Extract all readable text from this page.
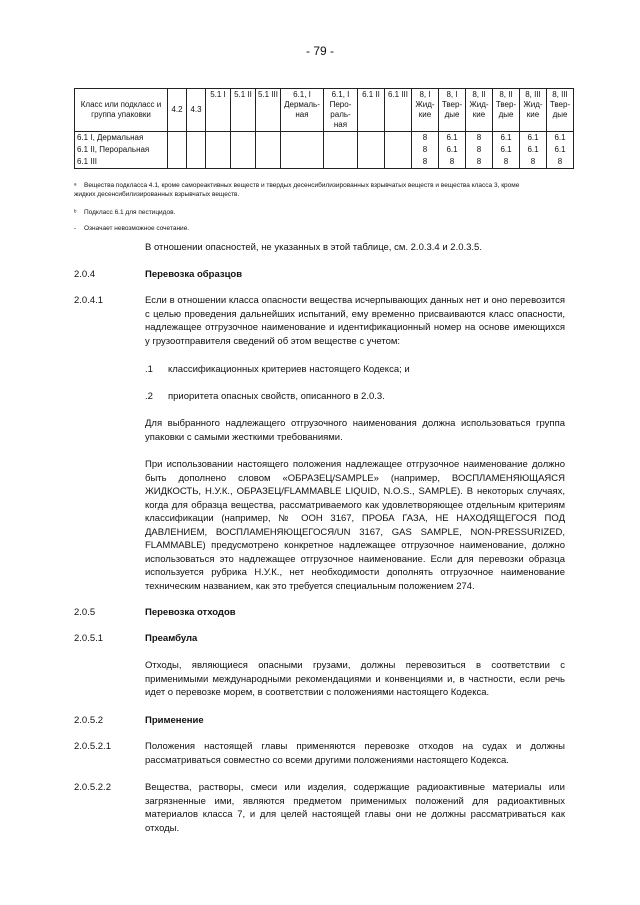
- 79 -
Класс или подкласс и группа упаковки	4.2	4.3	5.1 I	5.1 II	5.1 III	6.1, I Дермаль-ная	6.1, I Перо-раль-ная	6.1 II	6.1 III	8, I Жид-кие	8, I Твер-дые	8, II Жид-кие	8, II Твер-дые	8, III Жид-кие	8, III Твер-дые
6.1 I, Дермальная										8	6.1	8	6.1	6.1	6.1
6.1 II, Пероральная										8	6.1	8	6.1	6.1	6.1
6.1 III										8	8	8	8	8	8
ᵃ Вещества подкласса 4.1, кроме самореактивных веществ и твердых десенсибилизированных взрывчатых веществ и вещества класса 3, кроме
жидких десенсибилизированных взрывчатых веществ.
ᵇ Подкласс 6.1 для пестицидов.
- Означает невозможное сочетание.
В отношении опасностей, не указанных в этой таблице, см. 2.0.3.4 и 2.0.3.5.
2.0.4	Перевозка образцов
2.0.4.1	Если в отношении класса опасности вещества исчерпывающих данных нет и оно перевозится с целью проведения дальнейших испытаний, ему временно присваиваются класс опасности, надлежащее отгрузочное наименование и идентификационный номер на основе имеющихся у грузоотправителя сведений об этом веществе с учетом:
.1 классификационных критериев настоящего Кодекса; и
.2 приоритета опасных свойств, описанного в 2.0.3.
Для выбранного надлежащего отгрузочного наименования должна использоваться группа упаковки с самыми жесткими требованиями.
При использовании настоящего положения надлежащее отгрузочное наименование должно быть дополнено словом «ОБРАЗЕЦ/SAMPLE» (например, ВОСПЛАМЕНЯЮЩАЯСЯ ЖИДКОСТЬ, Н.У.К., ОБРАЗЕЦ/FLAMMABLE LIQUID, N.O.S., SAMPLE). В некоторых случаях, когда для образца вещества, рассматриваемого как удовлетворяющее отдельным критериям классификации (например, № ООН 3167, ПРОБА ГАЗА, НЕ НАХОДЯЩЕГОСЯ ПОД ДАВЛЕНИЕМ, ВОСПЛАМЕНЯЮЩЕГОСЯ/UN 3167, GAS SAMPLE, NON-PRESSURIZED, FLAMMABLE) предусмотрено конкретное надлежащее отгрузочное наименование, должно использоваться это надлежащее отгрузочное наименование. Если для перевозки образца используется рубрика Н.У.К., нет необходимости дополнять отгрузочное наименование техническим названием, как это требуется специальным положением 274.
2.0.5	Перевозка отходов
2.0.5.1	Преамбула
Отходы, являющиеся опасными грузами, должны перевозиться в соответствии с применимыми международными рекомендациями и конвенциями и, в частности, если речь идет о перевозке морем, в соответствии с положениями настоящего Кодекса.
2.0.5.2	Применение
2.0.5.2.1	Положения настоящей главы применяются перевозке отходов на судах и должны рассматриваться совместно со всеми другими положениями настоящего Кодекса.
2.0.5.2.2	Вещества, растворы, смеси или изделия, содержащие радиоактивные материалы или загрязненные ими, являются предметом применимых положений для радиоактивных материалов класса 7, и для целей настоящей главы они не должны рассматриваться как отходы.
